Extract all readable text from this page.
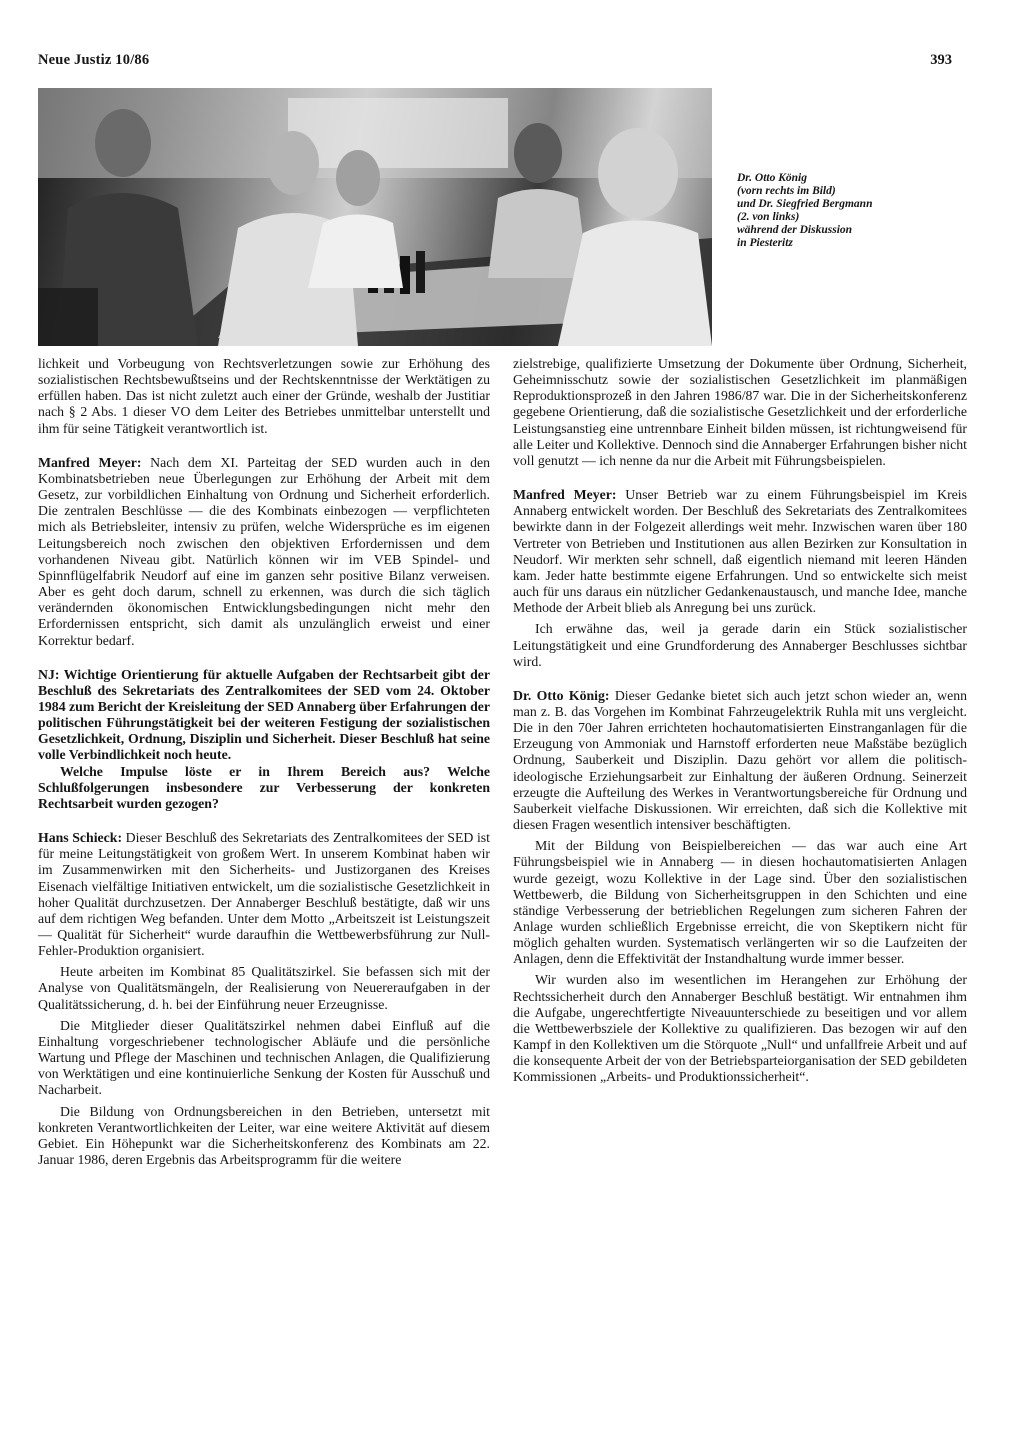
Neue Justiz 10/86	393
Dr. Otto König
(vorn rechts im Bild)
und Dr. Siegfried Bergmann
(2. von links)
während der Diskussion
in Piesteritz

lichkeit und Vorbeugung von Rechtsverletzungen sowie zur Erhöhung des sozialistischen Rechtsbewußtseins und der Rechtskenntnisse der Werktätigen zu erfüllen haben. Das ist nicht zuletzt auch einer der Gründe, weshalb der Justitiar nach § 2 Abs. 1 dieser VO dem Leiter des Betriebes unmittelbar unterstellt und ihm für seine Tätigkeit verantwortlich ist.

Manfred Meyer: Nach dem XI. Parteitag der SED wurden auch in den Kombinatsbetrieben neue Überlegungen zur Erhöhung der Arbeit mit dem Gesetz, zur vorbildlichen Einhaltung von Ordnung und Sicherheit erforderlich. Die zentralen Beschlüsse — die des Kombinats einbezogen — verpflichteten mich als Betriebsleiter, intensiv zu prüfen, welche Widersprüche es im eigenen Leitungsbereich noch zwischen den objektiven Erfordernissen und dem vorhandenen Niveau gibt. Natürlich können wir im VEB Spindel- und Spinnflügelfabrik Neudorf auf eine im ganzen sehr positive Bilanz verweisen. Aber es geht doch darum, schnell zu erkennen, was durch die sich täglich verändernden ökonomischen Entwicklungsbedingungen nicht mehr den Erfordernissen entspricht, sich damit als unzulänglich erweist und einer Korrektur bedarf.

NJ: Wichtige Orientierung für aktuelle Aufgaben der Rechtsarbeit gibt der Beschluß des Sekretariats des Zentralkomitees der SED vom 24. Oktober 1984 zum Bericht der Kreisleitung der SED Annaberg über Erfahrungen der politischen Führungstätigkeit bei der weiteren Festigung der sozialistischen Gesetzlichkeit, Ordnung, Disziplin und Sicherheit. Dieser Beschluß hat seine volle Verbindlichkeit noch heute.

Welche Impulse löste er in Ihrem Bereich aus? Welche Schlußfolgerungen insbesondere zur Verbesserung der konkreten Rechtsarbeit wurden gezogen?

Hans Schieck: Dieser Beschluß des Sekretariats des Zentralkomitees der SED ist für meine Leitungstätigkeit von großem Wert. In unserem Kombinat haben wir im Zusammenwirken mit den Sicherheits- und Justizorganen des Kreises Eisenach vielfältige Initiativen entwickelt, um die sozialistische Gesetzlichkeit in hoher Qualität durchzusetzen. Der Annaberger Beschluß bestätigte, daß wir uns auf dem richtigen Weg befanden. Unter dem Motto „Arbeitszeit ist Leistungszeit — Qualität für Sicherheit“ wurde daraufhin die Wettbewerbsführung zur Null-Fehler-Produktion organisiert.

Heute arbeiten im Kombinat 85 Qualitätszirkel. Sie befassen sich mit der Analyse von Qualitätsmängeln, der Realisierung von Neuereraufgaben in der Qualitätssicherung, d. h. bei der Einführung neuer Erzeugnisse.

Die Mitglieder dieser Qualitätszirkel nehmen dabei Einfluß auf die Einhaltung vorgeschriebener technologischer Abläufe und die persönliche Wartung und Pflege der Maschinen und technischen Anlagen, die Qualifizierung von Werktätigen und eine kontinuierliche Senkung der Kosten für Ausschuß und Nacharbeit.

Die Bildung von Ordnungsbereichen in den Betrieben, untersetzt mit konkreten Verantwortlichkeiten der Leiter, war eine weitere Aktivität auf diesem Gebiet. Ein Höhepunkt war die Sicherheitskonferenz des Kombinats am 22. Januar 1986, deren Ergebnis das Arbeitsprogramm für die weitere

zielstrebige, qualifizierte Umsetzung der Dokumente über Ordnung, Sicherheit, Geheimnisschutz sowie der sozialistischen Gesetzlichkeit im planmäßigen Reproduktionsprozeß in den Jahren 1986/87 war. Die in der Sicherheitskonferenz gegebene Orientierung, daß die sozialistische Gesetzlichkeit und der erforderliche Leistungsanstieg eine untrennbare Einheit bilden müssen, ist richtungweisend für alle Leiter und Kollektive. Dennoch sind die Annaberger Erfahrungen bisher nicht voll genutzt — ich nenne da nur die Arbeit mit Führungsbeispielen.

Manfred Meyer: Unser Betrieb war zu einem Führungsbeispiel im Kreis Annaberg entwickelt worden. Der Beschluß des Sekretariats des Zentralkomitees bewirkte dann in der Folgezeit allerdings weit mehr. Inzwischen waren über 180 Vertreter von Betrieben und Institutionen aus allen Bezirken zur Konsultation in Neudorf. Wir merkten sehr schnell, daß eigentlich niemand mit leeren Händen kam. Jeder hatte bestimmte eigene Erfahrungen. Und so entwickelte sich meist auch für uns daraus ein nützlicher Gedankenaustausch, und manche Idee, manche Methode der Arbeit blieb als Anregung bei uns zurück.

Ich erwähne das, weil ja gerade darin ein Stück sozialistischer Leitungstätigkeit und eine Grundforderung des Annaberger Beschlusses sichtbar wird.

Dr. Otto König: Dieser Gedanke bietet sich auch jetzt schon wieder an, wenn man z. B. das Vorgehen im Kombinat Fahrzeugelektrik Ruhla mit uns vergleicht. Die in den 70er Jahren errichteten hochautomatisierten Einstranganlagen für die Erzeugung von Ammoniak und Harnstoff erforderten neue Maßstäbe bezüglich Ordnung, Sauberkeit und Disziplin. Dazu gehört vor allem die politisch-ideologische Erziehungsarbeit zur Einhaltung der äußeren Ordnung. Seinerzeit erzeugte die Aufteilung des Werkes in Verantwortungsbereiche für Ordnung und Sauberkeit vielfache Diskussionen. Wir erreichten, daß sich die Kollektive mit diesen Fragen wesentlich intensiver beschäftigten.

Mit der Bildung von Beispielbereichen — das war auch eine Art Führungsbeispiel wie in Annaberg — in diesen hochautomatisierten Anlagen wurde gezeigt, wozu Kollektive in der Lage sind. Über den sozialistischen Wettbewerb, die Bildung von Sicherheitsgruppen in den Schichten und eine ständige Verbesserung der betrieblichen Regelungen zum sicheren Fahren der Anlage wurden schließlich Ergebnisse erreicht, die von Skeptikern nicht für möglich gehalten wurden. Systematisch verlängerten wir so die Laufzeiten der Anlagen, denn die Effektivität der Instandhaltung wurde immer besser.

Wir wurden also im wesentlichen im Herangehen zur Erhöhung der Rechtssicherheit durch den Annaberger Beschluß bestätigt. Wir entnahmen ihm die Aufgabe, ungerechtfertigte Niveauunterschiede zu beseitigen und vor allem die Wettbewerbsziele der Kollektive zu qualifizieren. Das bezogen wir auf den Kampf in den Kollektiven um die Störquote „Null“ und unfallfreie Arbeit und auf die konsequente Arbeit der von der Betriebsparteiorganisation der SED gebildeten Kommissionen „Arbeits- und Produktionssicherheit“.
